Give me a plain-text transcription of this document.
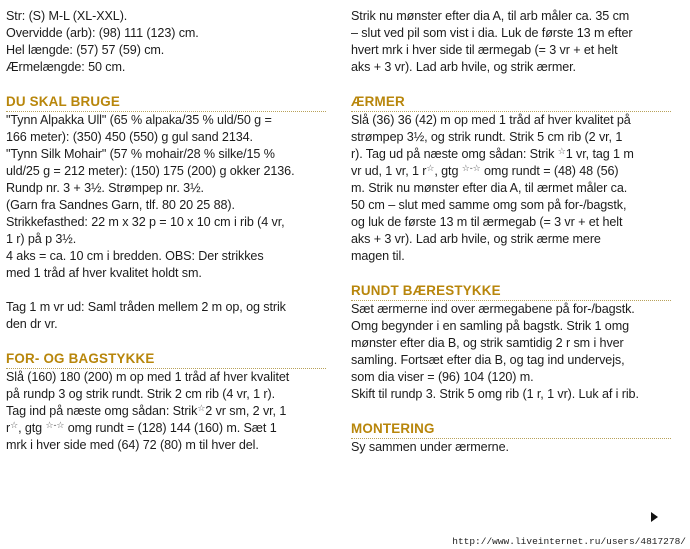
Str: (S) M-L (XL-XXL).
Overvidde (arb): (98) 111 (123) cm.
Hel længde: (57) 57 (59) cm.
Ærmelængde: 50 cm.
DU SKAL BRUGE
"Tynn Alpakka Ull" (65 % alpaka/35 % uld/50 g =
166 meter): (350) 450 (550) g gul sand 2134.
"Tynn Silk Mohair" (57 % mohair/28 % silke/15 %
uld/25 g = 212 meter): (150) 175 (200) g okker 2136.
Rundp nr. 3 + 3½. Strømpep nr. 3½.
(Garn fra Sandnes Garn, tlf. 80 20 25 88).
Strikkefasthed: 22 m x 32 p = 10 x 10 cm i rib (4 vr,
1 r) på p 3½.
4 aks = ca. 10 cm i bredden. OBS: Der strikkes
med 1 tråd af hver kvalitet holdt sm.
Tag 1 m vr ud: Saml tråden mellem 2 m op, og strik
den dr vr.
FOR- OG BAGSTYKKE
Slå (160) 180 (200) m op med 1 tråd af hver kvalitet
på rundp 3 og strik rundt. Strik 2 cm rib (4 vr, 1 r).
Tag ind på næste omg sådan: Strik☆2 vr sm, 2 vr, 1
r☆, gtg ☆-☆ omg rundt = (128) 144 (160) m. Sæt 1
mrk i hver side med (64) 72 (80) m til hver del.
Strik nu mønster efter dia A, til arb måler ca. 35 cm
– slut ved pil som vist i dia. Luk de første 13 m efter
hvert mrk i hver side til ærmegab (= 3 vr + et helt
aks + 3 vr). Lad arb hvile, og strik ærmer.
ÆRMER
Slå (36) 36 (42) m op med 1 tråd af hver kvalitet på
strømpep 3½, og strik rundt. Strik 5 cm rib (2 vr, 1
r). Tag ud på næste omg sådan: Strik ☆1 vr, tag 1 m
vr ud, 1 vr, 1 r☆, gtg ☆-☆ omg rundt = (48) 48 (56)
m. Strik nu mønster efter dia A, til ærmet måler ca.
50 cm – slut med samme omg som på for-/bagstk,
og luk de første 13 m til ærmegab (= 3 vr + et helt
aks + 3 vr). Lad arb hvile, og strik ærme mere
magen til.
RUNDT BÆRESTYKKE
Sæt ærmerne ind over ærmegabene på for-/bagstk.
Omg begynder i en samling på bagstk. Strik 1 omg
mønster efter dia B, og strik samtidig 2 r sm i hver
samling. Fortsæt efter dia B, og tag ind undervejs,
som dia viser = (96) 104 (120) m.
Skift til rundp 3. Strik 5 omg rib (1 r, 1 vr). Luk af i rib.
MONTERING
Sy sammen under ærmerne.
http://www.liveinternet.ru/users/4817278/
